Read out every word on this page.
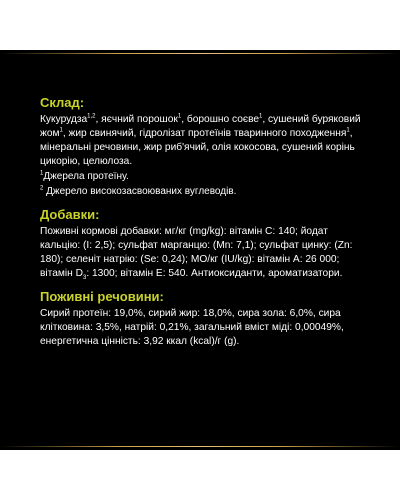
Склад:

Кукурудза$^{1,2}$, яєчний порошок$^1$, борошно соєве$^1$, сушений буряковий жом$^1$, жир свинячий, гідролізат протеїнів тваринного походження$^1$, мінеральні речовини, жир риб'ячий, олія кокосова, сушений корінь цикорію, целюлоза.

$^1$Джерела протеїну.

$^2$ Джерело високозасвоюваних вуглеводів.

Добавки:

Поживні кормові добавки: мг/кг (mg/kg): вітамін С: 140; йодат кальцію: (I: 2,5); сульфат марганцю: (Mn: 7,1); сульфат цинку: (Zn: 180); селеніт натрію: (Se: 0,24); МО/кг (IU/kg): вітамін А: 26 000; вітамін $D_3$: 1300; вітамін Е: 540. Антиоксиданти, ароматизатори.

Поживні речовини:

Сирий протеїн: 19,0%, сирий жир: 18,0%, сира зола: 6,0%, сира клітковина: 3,5%, натрій: 0,21%, загальний вміст міді: 0,00049%, енергетична цінність: 3,92 ккал (kcal)/г (g).
